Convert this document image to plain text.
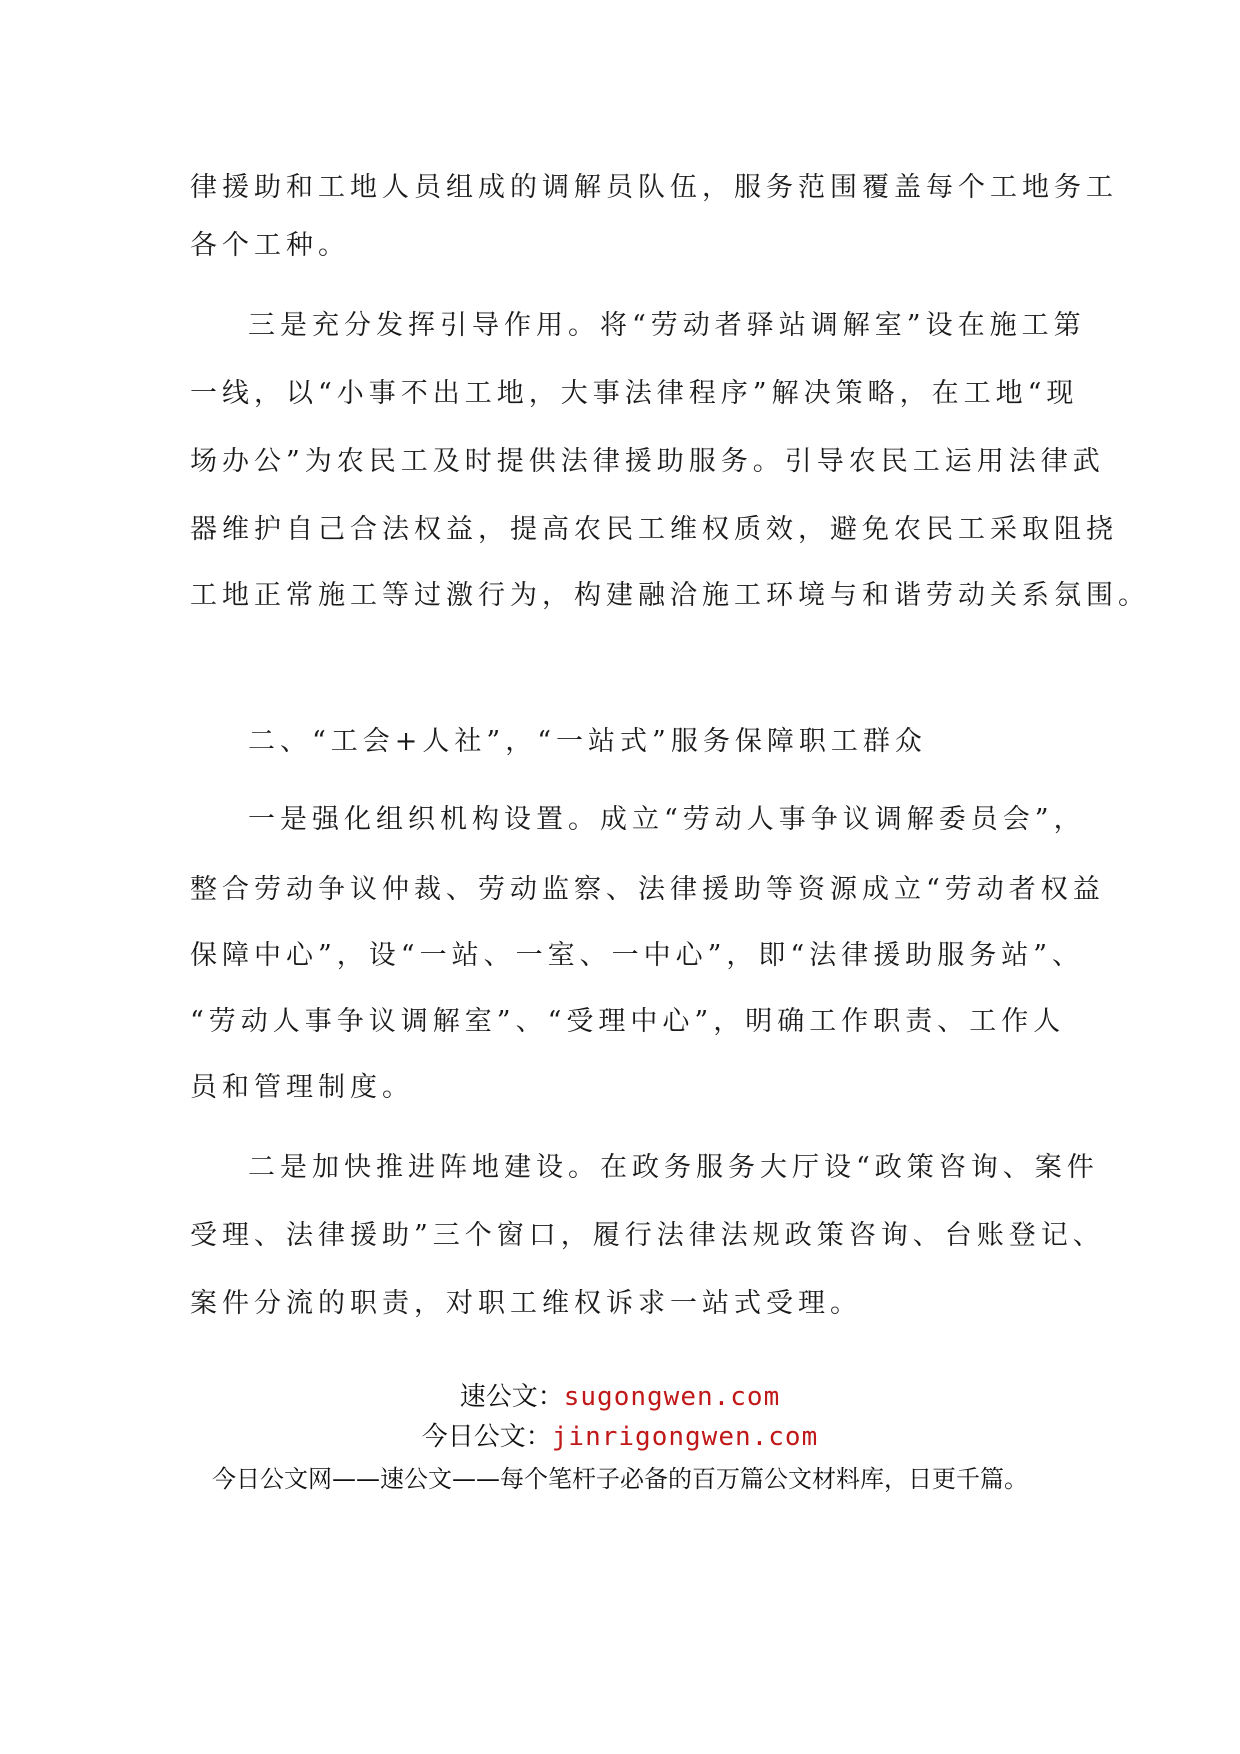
律援助和工地人员组成的调解员队伍，服务范围覆盖每个工地务工
各个工种。
三是充分发挥引导作用。将“劳动者驿站调解室”设在施工第
一线，以“小事不出工地，大事法律程序”解决策略，在工地“现
场办公”为农民工及时提供法律援助服务。引导农民工运用法律武
器维护自己合法权益，提高农民工维权质效，避免农民工采取阻挠
工地正常施工等过激行为，构建融洽施工环境与和谐劳动关系氛围。
二、“工会+人社”，“一站式”服务保障职工群众
一是强化组织机构设置。成立“劳动人事争议调解委员会”，
整合劳动争议仲裁、劳动监察、法律援助等资源成立“劳动者权益
保障中心”，设“一站、一室、一中心”，即“法律援助服务站”、
“劳动人事争议调解室”、“受理中心”，明确工作职责、工作人
员和管理制度。
二是加快推进阵地建设。在政务服务大厅设“政策咨询、案件
受理、法律援助”三个窗口，履行法律法规政策咨询、台账登记、
案件分流的职责，对职工维权诉求一站式受理。
速公文：sugongwen.com
今日公文：jinrigongwen.com
今日公文网——速公文——每个笔杆子必备的百万篇公文材料库，日更千篇。
